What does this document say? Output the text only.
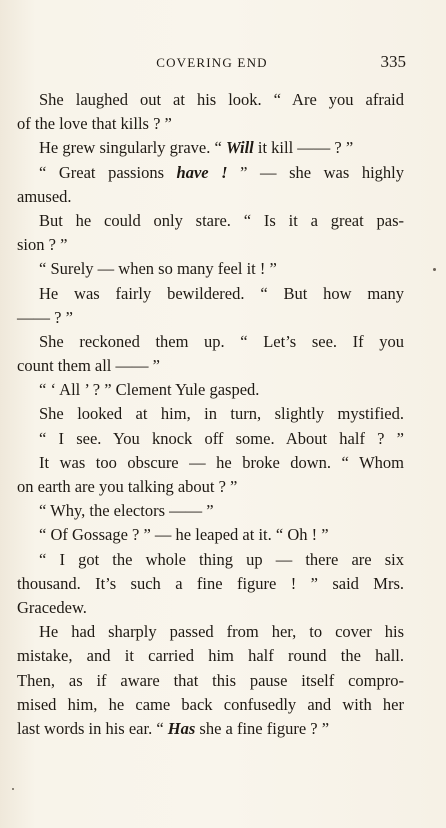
COVERING END	335
She laughed out at his look. “ Are you afraid
of the love that kills ? ”
He grew singularly grave. “ Will it kill —— ? ”
“ Great passions have ! ” — she was highly
amused.
But he could only stare. “ Is it a great pas-
sion ? ”
“ Surely — when so many feel it ! ”
He was fairly bewildered. “ But how many
—— ? ”
She reckoned them up. “ Let’s see. If you
count them all —— ”
“ ‘ All ’ ? ” Clement Yule gasped.
She looked at him, in turn, slightly mystified.
“ I see. You knock off some. About half ? ”
It was too obscure — he broke down. “ Whom
on earth are you talking about ? ”
“ Why, the electors —— ”
“ Of Gossage ? ” — he leaped at it. “ Oh ! ”
“ I got the whole thing up — there are six
thousand. It’s such a fine figure ! ” said Mrs.
Gracedew.
He had sharply passed from her, to cover his
mistake, and it carried him half round the hall.
Then, as if aware that this pause itself compro-
mised him, he came back confusedly and with her
last words in his ear. “ Has she a fine figure ? ”
